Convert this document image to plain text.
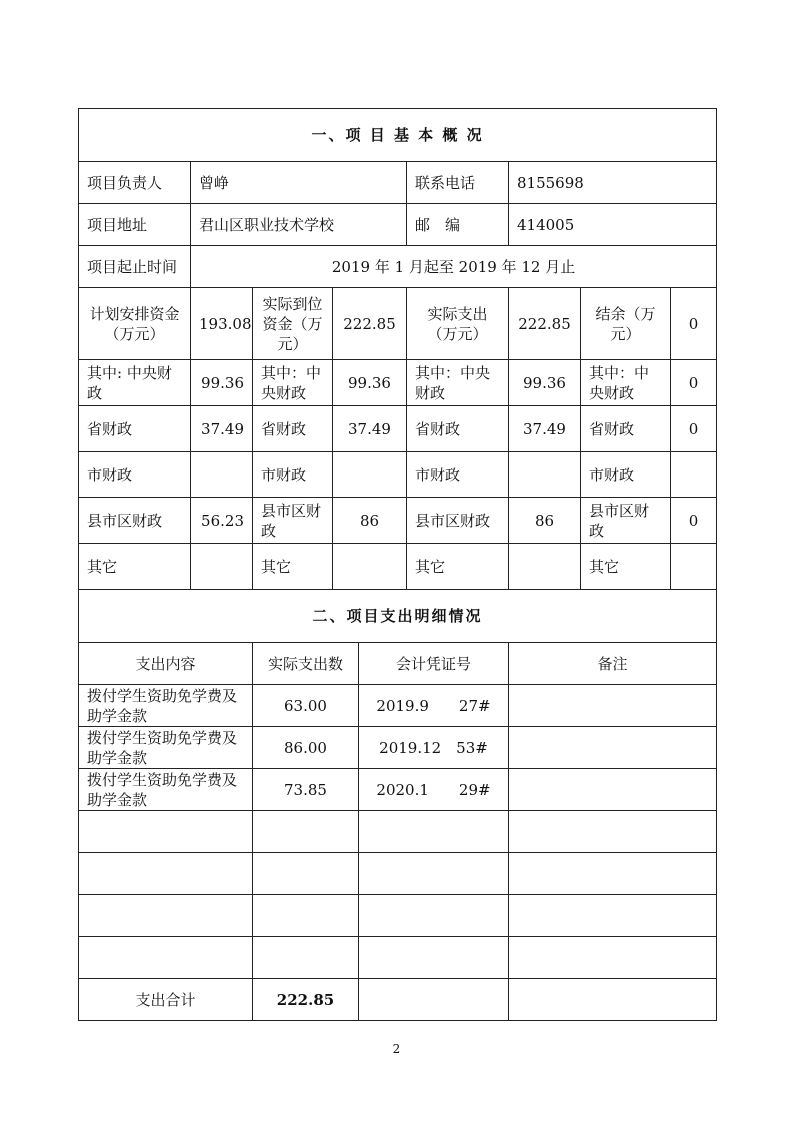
一、项 目 基 本 概 况								
项目负责人	曾峥				联系电话	8155698		
项目地址	君山区职业技术学校				邮　编	414005		
项目起止时间	2019 年 1 月起至 2019 年 12 月止							
计划安排资金（万元）	193.08	实际到位资金（万元）	222.85		实际支出（万元）	222.85	结余（万元）	0
其中: 中央财政	99.36	其中：中央财政	99.36		其中：中央财政	99.36	其中：中央财政	0
省财政	37.49	省财政	37.49		省财政	37.49	省财政	0
市财政		市财政			市财政		市财政	
县市区财政	56.23	县市区财政	86		县市区财政	86	县市区财政	0
其它		其它			其它		其它	
二、项目支出明细情况								
支出内容		实际支出数		会计凭证号		备注		
拨付学生资助免学费及助学金款		63.00		2019.9　　27#				
拨付学生资助免学费及助学金款		86.00		2019.12　53#				
拨付学生资助免学费及助学金款		73.85		2020.1　　29#				

支出合计		222.85						
2
